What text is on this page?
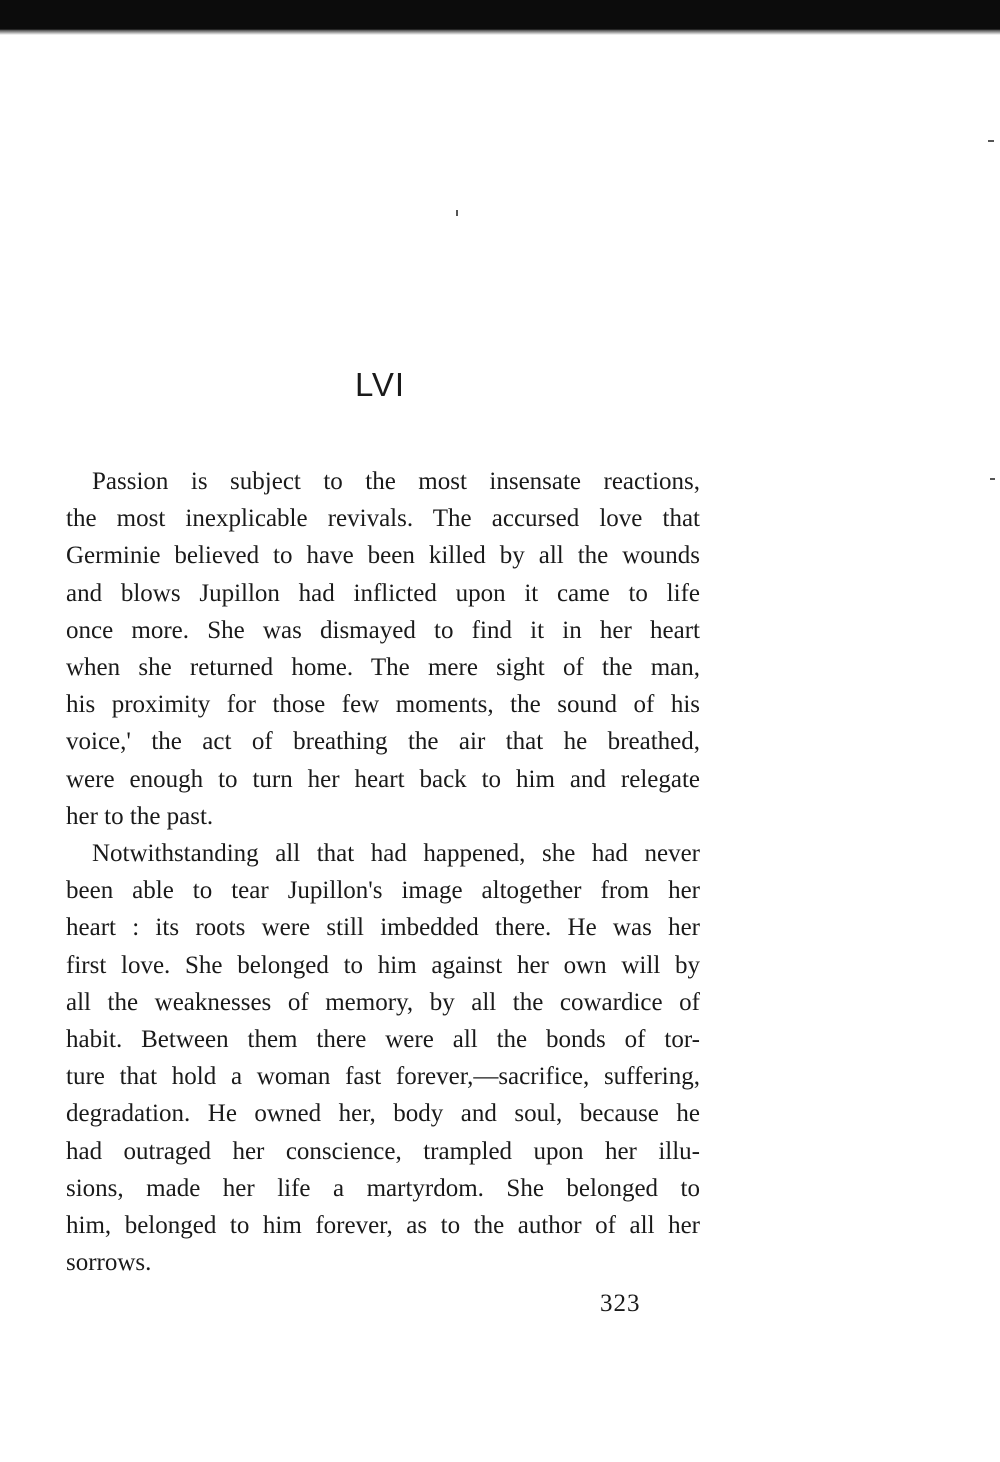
LVI
Passion is subject to the most insensate reactions,
the most inexplicable revivals. The accursed love that
Germinie believed to have been killed by all the wounds
and blows Jupillon had inflicted upon it came to life
once more. She was dismayed to find it in her heart
when she returned home. The mere sight of the man,
his proximity for those few moments, the sound of his
voice,' the act of breathing the air that he breathed,
were enough to turn her heart back to him and relegate
her to the past.
Notwithstanding all that had happened, she had never
been able to tear Jupillon's image altogether from her
heart : its roots were still imbedded there. He was her
first love. She belonged to him against her own will by
all the weaknesses of memory, by all the cowardice of
habit. Between them there were all the bonds of tor-
ture that hold a woman fast forever,—sacrifice, suffering,
degradation. He owned her, body and soul, because he
had outraged her conscience, trampled upon her illu-
sions, made her life a martyrdom. She belonged to
him, belonged to him forever, as to the author of all her
sorrows.

323
